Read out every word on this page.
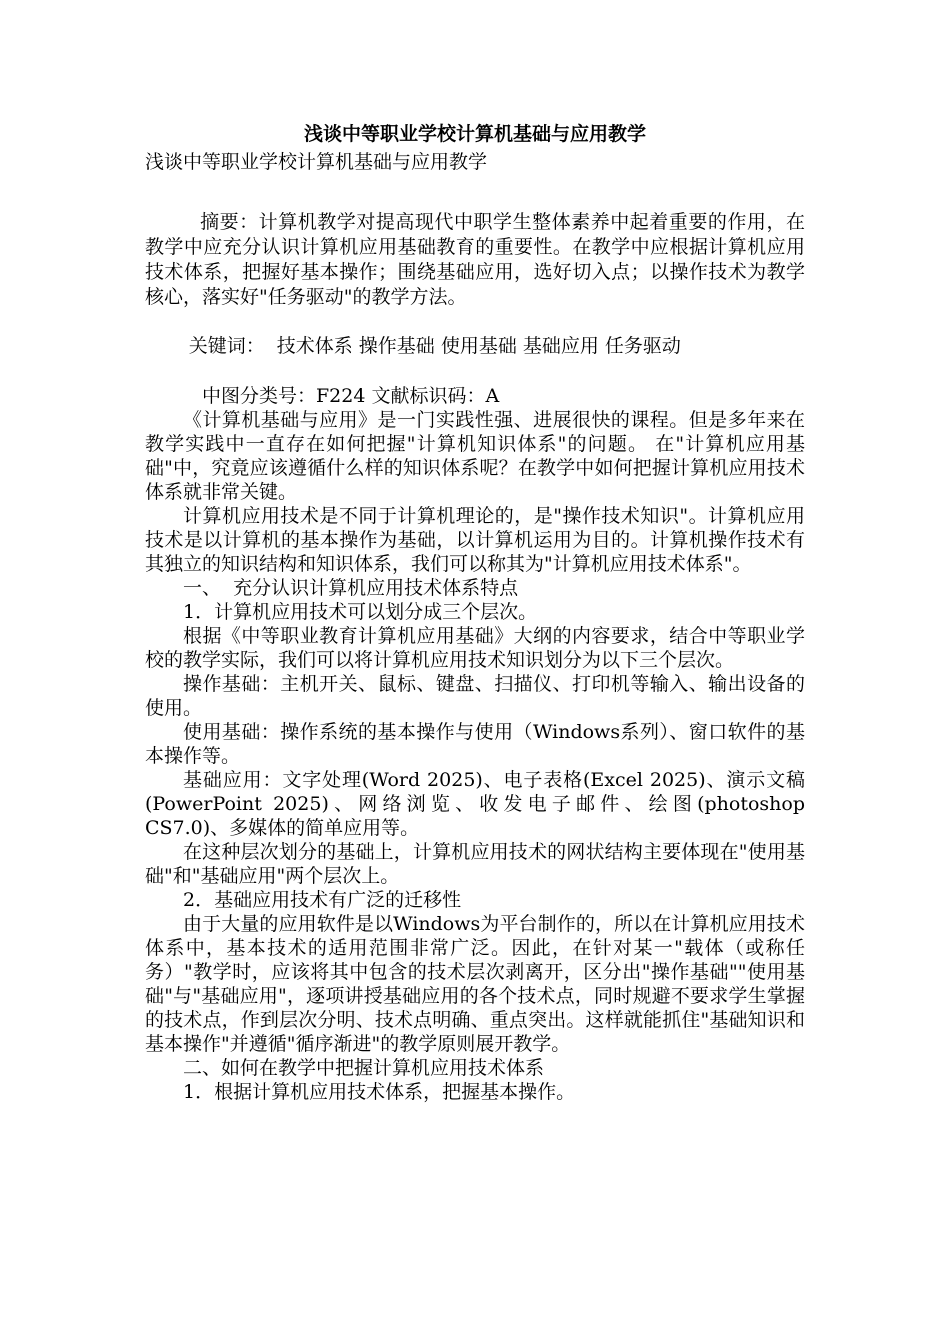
浅谈中等职业学校计算机基础与应用教学
浅谈中等职业学校计算机基础与应用教学

摘要：计算机教学对提高现代中职学生整体素养中起着重要的作用，在教学中应充分认识计算机应用基础教育的重要性。在教学中应根据计算机应用技术体系，把握好基本操作；围绕基础应用，选好切入点；以操作技术为教学核心，落实好"任务驱动"的教学方法。

关键词：  技术体系 操作基础 使用基础 基础应用 任务驱动

中图分类号：F224 文献标识码：A

《计算机基础与应用》是一门实践性强、进展很快的课程。但是多年来在教学实践中一直存在如何把握"计算机知识体系"的问题。 在"计算机应用基础"中，究竟应该遵循什么样的知识体系呢？在教学中如何把握计算机应用技术体系就非常关键。

计算机应用技术是不同于计算机理论的，是"操作技术知识"。计算机应用技术是以计算机的基本操作为基础，以计算机运用为目的。计算机操作技术有其独立的知识结构和知识体系，我们可以称其为"计算机应用技术体系"。

一、  充分认识计算机应用技术体系特点

1．计算机应用技术可以划分成三个层次。

根据《中等职业教育计算机应用基础》大纲的内容要求，结合中等职业学校的教学实际，我们可以将计算机应用技术知识划分为以下三个层次。

操作基础：主机开关、鼠标、键盘、扫描仪、打印机等输入、输出设备的使用。

使用基础：操作系统的基本操作与使用（Windows系列）、窗口软件的基本操作等。

基础应用：文字处理(Word 2025)、电子表格(Excel 2025)、演示文稿(PowerPoint 2025)、网络浏览、收发电子邮件、绘图(photoshop CS7.0)、多媒体的简单应用等。

在这种层次划分的基础上，计算机应用技术的网状结构主要体现在"使用基础"和"基础应用"两个层次上。

2．基础应用技术有广泛的迁移性

由于大量的应用软件是以Windows为平台制作的，所以在计算机应用技术体系中，基本技术的适用范围非常广泛。因此，在针对某一"载体（或称任务）"教学时，应该将其中包含的技术层次剥离开，区分出"操作基础""使用基础"与"基础应用"，逐项讲授基础应用的各个技术点，同时规避不要求学生掌握的技术点，作到层次分明、技术点明确、重点突出。这样就能抓住"基础知识和基本操作"并遵循"循序渐进"的教学原则展开教学。

二、如何在教学中把握计算机应用技术体系

1．根据计算机应用技术体系，把握基本操作。
